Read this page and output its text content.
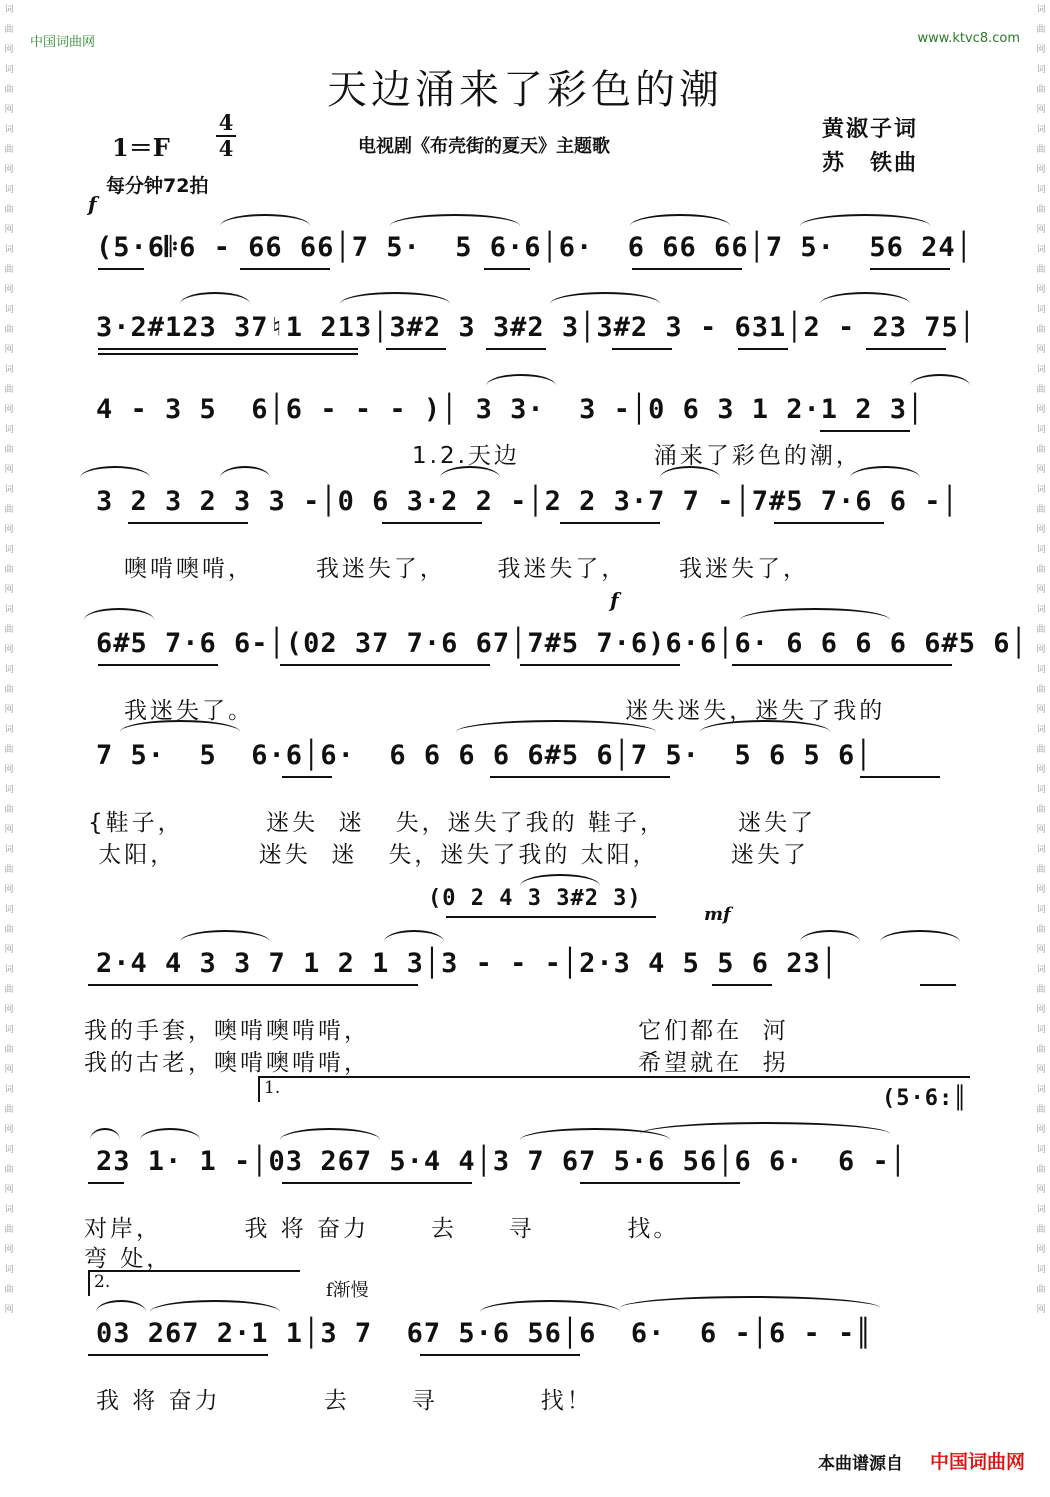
词曲网词曲网词曲网词曲网词曲网词曲网词曲网词曲网词曲网词曲网词曲网词曲网词曲网词曲网词曲网词曲网词曲网词曲网词曲网词曲网词曲网词曲网
词曲网词曲网词曲网词曲网词曲网词曲网词曲网词曲网词曲网词曲网词曲网词曲网词曲网词曲网词曲网词曲网词曲网词曲网词曲网词曲网词曲网词曲网
中国词曲网	www.ktvc8.com
天边涌来了彩色的潮
1＝F
4
4	电视剧《布壳街的夏天》主题歌
黄淑子词
苏　铁曲
每分钟72拍
f
f
mf
f渐慢
(5·6𝄆6 - 66 66│7 5·  5 6·6│6·  6 66 66│7 5·  56 24│
3·2#123 37♮1 213│3#2 3 3#2 3│3#2 3 - 631│2 - 23 75│
4 - 3 5  6│6 - - - )│ 3 3·  3 -│0 6 3 1 2·1 2 3│
1.2.天边             涌来了彩色的潮，
3 2 3 2 3 3 -│0 6 3·2 2 -│2 2 3·7 7 -│7#5 7·6 6 -│
噢啃噢啃，      我迷失了，     我迷失了，     我迷失了，
6#5 7·6 6-│(02 37 7·6 67│7#5 7·6)6·6│6· 6 6 6 6 6#5 6│
我迷失了。                                    迷失迷失，迷失了我的
7 5·  5  6·6│6·  6 6 6 6 6#5 6│7 5·  5 6 5 6│
{鞋子，        迷失  迷   失，迷失了我的 鞋子，       迷失了
太阳，        迷失  迷   失，迷失了我的 太阳，       迷失了
(0 2 4 3 3#2 3)
2·4 4 3 3 7 1 2 1 3│3 - - -│2·3 4 5 5 6 23│
我的手套，噢啃噢啃啃，                          它们都在  河
我的古老，噢啃噢啃啃，                          希望就在  拐
1.	(5·6:║
23 1· 1 -│03 267 5·4 4│3 7 67 5·6 56│6 6·  6 -│
对岸，        我 将 奋力      去     寻         找。
弯 处，
2.
03 267 2·1 1│3 7  67 5·6 56│6  6·  6 -│6 - -║
我 将 奋力          去      寻          找！
本曲谱源自 中国词曲网
